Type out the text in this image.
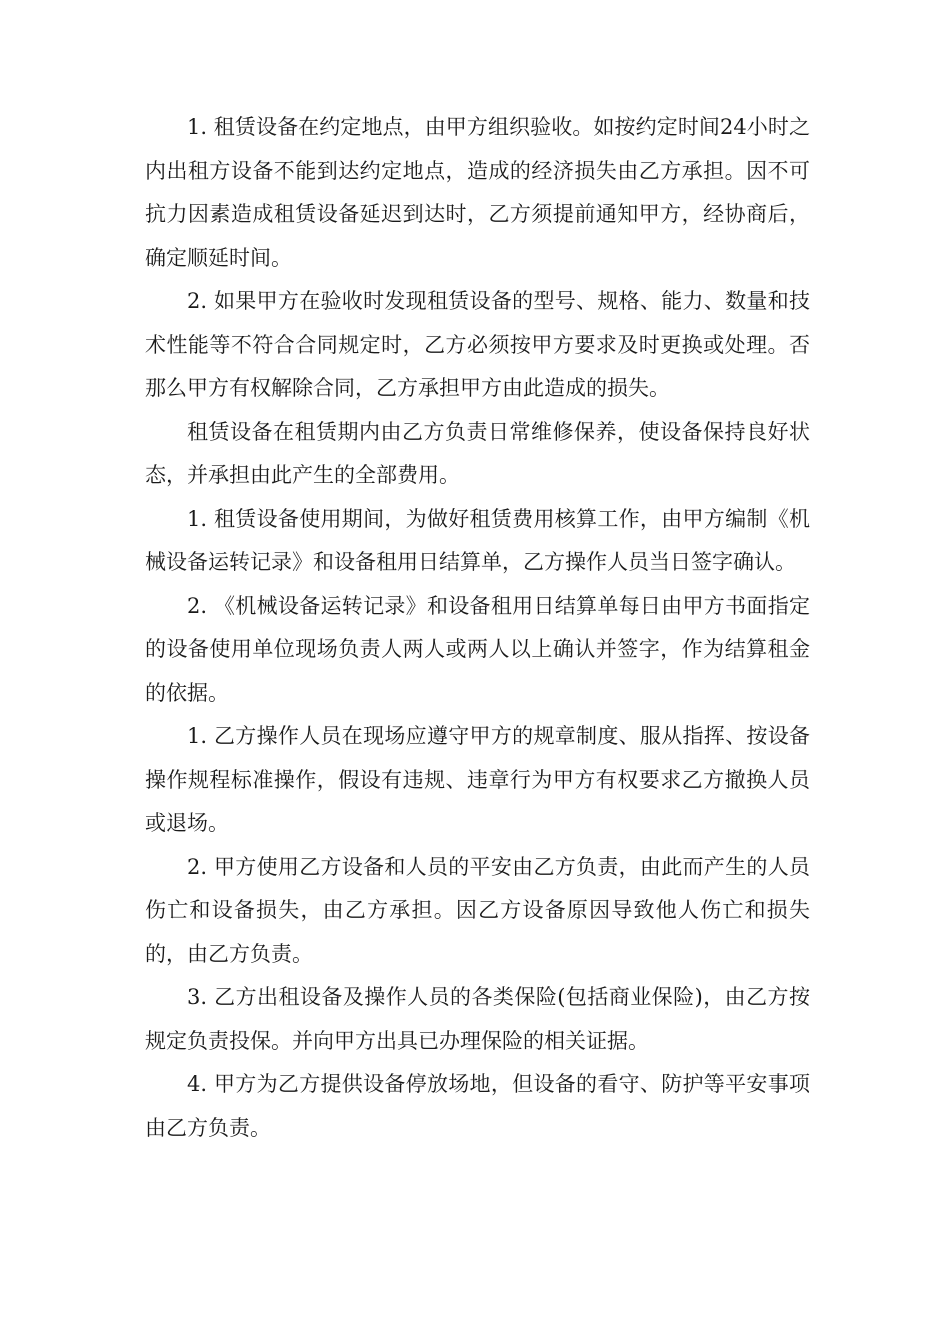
1. 租赁设备在约定地点，由甲方组织验收。如按约定时间24小时之内出租方设备不能到达约定地点，造成的经济损失由乙方承担。因不可抗力因素造成租赁设备延迟到达时，乙方须提前通知甲方，经协商后，确定顺延时间。

2. 如果甲方在验收时发现租赁设备的型号、规格、能力、数量和技术性能等不符合合同规定时，乙方必须按甲方要求及时更换或处理。否那么甲方有权解除合同，乙方承担甲方由此造成的损失。

租赁设备在租赁期内由乙方负责日常维修保养，使设备保持良好状态，并承担由此产生的全部费用。

1. 租赁设备使用期间，为做好租赁费用核算工作，由甲方编制《机械设备运转记录》和设备租用日结算单，乙方操作人员当日签字确认。

2. 《机械设备运转记录》和设备租用日结算单每日由甲方书面指定的设备使用单位现场负责人两人或两人以上确认并签字，作为结算租金的依据。

1. 乙方操作人员在现场应遵守甲方的规章制度、服从指挥、按设备操作规程标准操作，假设有违规、违章行为甲方有权要求乙方撤换人员或退场。

2. 甲方使用乙方设备和人员的平安由乙方负责，由此而产生的人员伤亡和设备损失，由乙方承担。因乙方设备原因导致他人伤亡和损失的，由乙方负责。

3. 乙方出租设备及操作人员的各类保险(包括商业保险)，由乙方按规定负责投保。并向甲方出具已办理保险的相关证据。

4. 甲方为乙方提供设备停放场地，但设备的看守、防护等平安事项由乙方负责。
